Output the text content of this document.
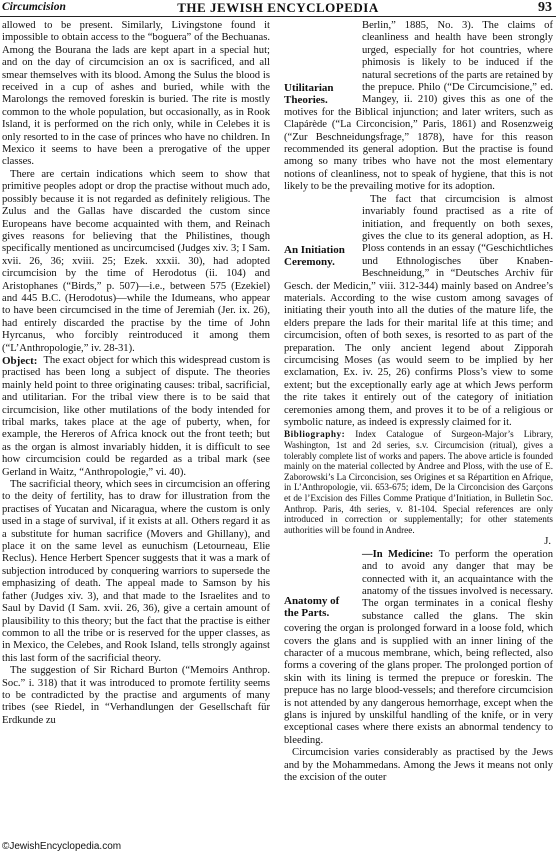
Circumcision	THE JEWISH ENCYCLOPEDIA	93

allowed to be present. Similarly, Livingstone found it impossible to obtain access to the “boguera” of the Bechuanas. Among the Bourana the lads are kept apart in a special hut; and on the day of circumcision an ox is sacrificed, and all smear themselves with its blood. Among the Sulus the blood is received in a cup of ashes and buried, while with the Marolongs the removed foreskin is buried. The rite is mostly common to the whole population, but occasionally, as in Rook Island, it is performed on the rich only, while in Celebes it is only resorted to in the case of princes who have no children. In Mexico it seems to have been a prerogative of the upper classes.

There are certain indications which seem to show that primitive peoples adopt or drop the practise without much ado, possibly because it is not regarded as definitely religious. The Zulus and the Gallas have discarded the custom since Europeans have become acquainted with them, and Reinach gives reasons for believing that the Philistines, though specifically mentioned as uncircumcised (Judges xiv. 3; I Sam. xvii. 26, 36; xviii. 25; Ezek. xxxii. 30), had adopted circumcision by the time of Herodotus (ii. 104) and Aristophanes (“Birds,” p. 507)—i.e., between 575 (Ezekiel) and 445 B.C. (Herodotus)—while the Idumeans, who appear to have been circumcised in the time of Jeremiah (Jer. ix. 26), had entirely discarded the practise by the time of John Hyrcanus, who forcibly reintroduced it among them (“L’Anthropologie,” iv. 28-31).

Object: The exact object for which this widespread custom is practised has been long a subject of dispute. The theories mainly held point to three originating causes: tribal, sacrificial, and utilitarian. For the tribal view there is to be said that circumcision, like other mutilations of the body intended for tribal marks, takes place at the age of puberty, when, for example, the Hereros of Africa knock out the front teeth; but as the organ is almost invariably hidden, it is difficult to see how circumcision could be regarded as a tribal mark (see Gerland in Waitz, “Anthropologie,” vi. 40).

The sacrificial theory, which sees in circumcision an offering to the deity of fertility, has to draw for illustration from the practises of Yucatan and Nicaragua, where the custom is only used in a stage of survival, if it exists at all. Others regard it as a substitute for human sacrifice (Movers and Ghillany), and place it on the same level as eunuchism (Letourneau, Elie Reclus). Hence Herbert Spencer suggests that it was a mark of subjection introduced by conquering warriors to supersede the emphasizing of death. The appeal made to Samson by his father (Judges xiv. 3), and that made to the Israelites and to Saul by David (I Sam. xvii. 26, 36), give a certain amount of plausibility to this theory; but the fact that the practise is either common to all the tribe or is reserved for the upper classes, as in Mexico, the Celebes, and Rook Island, tells strongly against this last form of the sacrificial theory.

The suggestion of Sir Richard Burton (“Memoirs Anthrop. Soc.” i. 318) that it was introduced to promote fertility seems to be contradicted by the practise and arguments of many tribes (see Riedel, in “Verhandlungen der Gesellschaft für Erdkunde zu

Utilitarian Theories.
Berlin,” 1885, No. 3). The claims of cleanliness and health have been strongly urged, especially for hot countries, where phimosis is likely to be induced if the natural secretions of the parts are retained by the prepuce. Philo (“De Circumcisione,” ed. Mangey, ii. 210) gives this as one of the motives for the Biblical injunction; and later writers, such as Clapárède (“La Circoncision,” Paris, 1861) and Rosenzweig (“Zur Beschneidungsfrage,” 1878), have for this reason recommended its general adoption. But the practise is found among so many tribes who have not the most elementary notions of cleanliness, not to speak of hygiene, that this is not likely to be the prevailing motive for its adoption.

An Initiation Ceremony.
The fact that circumcision is almost invariably found practised as a rite of initiation, and frequently on both sexes, gives the clue to its general adoption, as H. Ploss contends in an essay (“Geschichtliches und Ethnologisches über Knaben-Beschneidung,” in “Deutsches Archiv für Gesch. der Medicin,” viii. 312-344) mainly based on Andree’s materials. According to the wise custom among savages of initiating their youth into all the duties of the mature life, the elders prepare the lads for their marital life at this time; and circumcision, often of both sexes, is resorted to as part of the preparation. The only ancient legend about Zipporah circumcising Moses (as would seem to be implied by her exclamation, Ex. iv. 25, 26) confirms Ploss’s view to some extent; but the exceptionally early age at which Jews perform the rite takes it entirely out of the category of initiation ceremonies among them, and proves it to be of a religious or symbolic nature, as indeed is expressly claimed for it.

Bibliography: Index Catalogue of Surgeon-Major’s Library, Washington, 1st and 2d series, s.v. Circumcision (ritual), gives a tolerably complete list of works and papers. The above article is founded mainly on the material collected by Andree and Ploss, with the use of E. Zaborowski’s La Circoncision, ses Origines et sa Répartition en Afrique, in L’Anthropologie, vii. 653-675; idem, De la Circoncision des Garçons et de l’Excision des Filles Comme Pratique d’Initiation, in Bulletin Soc. Anthrop. Paris, 4th series, v. 81-104. Special references are only introduced in correction or supplementally; for other statements authorities will be found in Andree.

J.

—In Medicine:
Anatomy of the Parts.
To perform the operation and to avoid any danger that may be connected with it, an acquaintance with the anatomy of the tissues involved is necessary. The organ terminates in a conical fleshy substance called the glans. The skin covering the organ is prolonged forward in a loose fold, which covers the glans and is supplied with an inner lining of the character of a mucous membrane, which, being reflected, also forms a covering of the glans proper. The prolonged portion of skin with its lining is termed the prepuce or foreskin. The prepuce has no large blood-vessels; and therefore circumcision is not attended by any dangerous hemorrhage, except when the glans is injured by unskilful handling of the knife, or in very exceptional cases where there exists an abnormal tendency to bleeding.

Circumcision varies considerably as practised by the Jews and by the Mohammedans. Among the Jews it means not only the excision of the outer

©JewishEncyclopedia.com
